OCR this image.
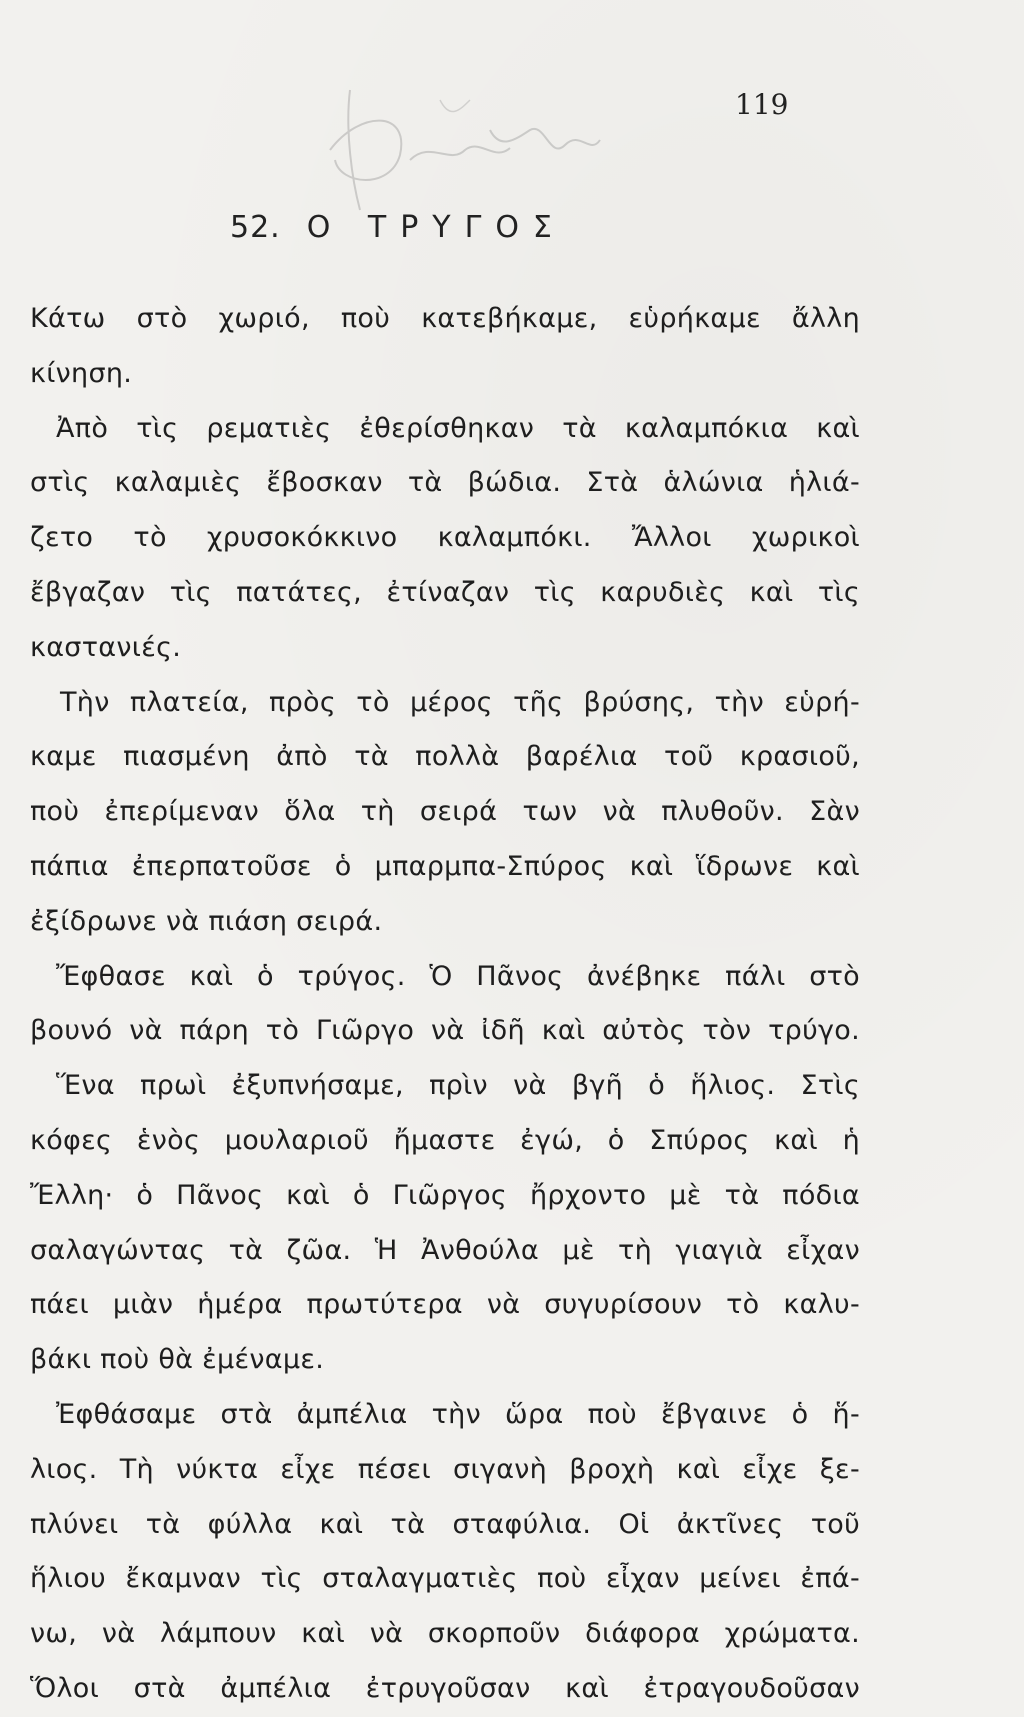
119
52. Ο ΤΡΥΓΟΣ
Κάτω στὸ χωριό, ποὺ κατεβήκαμε, εὑρήκαμε ἄλλη
κίνηση.
Ἀπὸ τὶς ρεματιὲς ἐθερίσθηκαν τὰ καλαμπόκια καὶ
στὶς καλαμιὲς ἔβοσκαν τὰ βώδια. Στὰ ἁλώνια ἡλιά-
ζετο τὸ χρυσοκόκκινο καλαμπόκι. Ἄλλοι χωρικοὶ
ἔβγαζαν τὶς πατάτες, ἐτίναζαν τὶς καρυδιὲς καὶ τὶς
καστανιές.
Τὴν πλατεία, πρὸς τὸ μέρος τῆς βρύσης, τὴν εὑρή-
καμε πιασμένη ἀπὸ τὰ πολλὰ βαρέλια τοῦ κρασιοῦ,
ποὺ ἐπερίμεναν ὅλα τὴ σειρά των νὰ πλυθοῦν. Σὰν
πάπια ἐπερπατοῦσε ὁ μπαρμπα-Σπύρος καὶ ἵδρωνε καὶ
ἐξίδρωνε νὰ πιάση σειρά.
Ἔφθασε καὶ ὁ τρύγος. Ὁ Πᾶνος ἀνέβηκε πάλι στὸ
βουνό νὰ πάρη τὸ Γιῶργο νὰ ἰδῆ καὶ αὐτὸς τὸν τρύγο.
Ἕνα πρωὶ ἐξυπνήσαμε, πρὶν νὰ βγῆ ὁ ἥλιος. Στὶς
κόφες ἑνὸς μουλαριοῦ ἤμαστε ἐγώ, ὁ Σπύρος καὶ ἡ
Ἔλλη· ὁ Πᾶνος καὶ ὁ Γιῶργος ἤρχοντο μὲ τὰ πόδια
σαλαγώντας τὰ ζῶα. Ἡ Ἀνθούλα μὲ τὴ γιαγιὰ εἶχαν
πάει μιὰν ἡμέρα πρωτύτερα νὰ συγυρίσουν τὸ καλυ-
βάκι ποὺ θὰ ἐμέναμε.
Ἐφθάσαμε στὰ ἀμπέλια τὴν ὥρα ποὺ ἔβγαινε ὁ ἥ-
λιος. Τὴ νύκτα εἶχε πέσει σιγανὴ βροχὴ καὶ εἶχε ξε-
πλύνει τὰ φύλλα καὶ τὰ σταφύλια. Οἱ ἀκτῖνες τοῦ
ἥλιου ἔκαμναν τὶς σταλαγματιὲς ποὺ εἶχαν μείνει ἐπά-
νω, νὰ λάμπουν καὶ νὰ σκορποῦν διάφορα χρώματα.
Ὅλοι στὰ ἀμπέλια ἐτρυγοῦσαν καὶ ἐτραγουδοῦσαν
